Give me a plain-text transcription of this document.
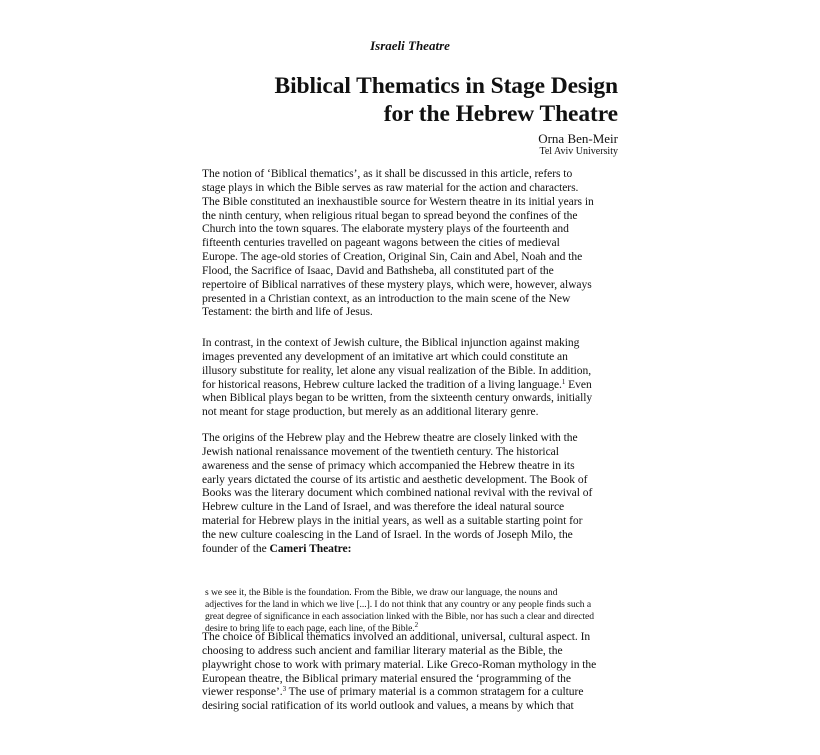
Israeli Theatre
Biblical Thematics in Stage Design
for the Hebrew Theatre
Orna Ben-Meir
Tel Aviv University
The notion of ‘Biblical thematics’, as it shall be discussed in this article, refers to
stage plays in which the Bible serves as raw material for the action and characters.
The Bible constituted an inexhaustible source for Western theatre in its initial years in
the ninth century, when religious ritual began to spread beyond the confines of the
Church into the town squares. The elaborate mystery plays of the fourteenth and
fifteenth centuries travelled on pageant wagons between the cities of medieval
Europe. The age-old stories of Creation, Original Sin, Cain and Abel, Noah and the
Flood, the Sacrifice of Isaac, David and Bathsheba, all constituted part of the
repertoire of Biblical narratives of these mystery plays, which were, however, always
presented in a Christian context, as an introduction to the main scene of the New
Testament: the birth and life of Jesus.
In contrast, in the context of Jewish culture, the Biblical injunction against making
images prevented any development of an imitative art which could constitute an
illusory substitute for reality, let alone any visual realization of the Bible. In addition,
for historical reasons, Hebrew culture lacked the tradition of a living language.$^1$ Even
when Biblical plays began to be written, from the sixteenth century onwards, initially
not meant for stage production, but merely as an additional literary genre.
The origins of the Hebrew play and the Hebrew theatre are closely linked with the
Jewish national renaissance movement of the twentieth century. The historical
awareness and the sense of primacy which accompanied the Hebrew theatre in its
early years dictated the course of its artistic and aesthetic development. The Book of
Books was the literary document which combined national revival with the revival of
Hebrew culture in the Land of Israel, and was therefore the ideal natural source
material for Hebrew plays in the initial years, as well as a suitable starting point for
the new culture coalescing in the Land of Israel. In the words of Joseph Milo, the
founder of the Cameri Theatre:
s we see it, the Bible is the foundation. From the Bible, we draw our language, the nouns and
adjectives for the land in which we live [...]. I do not think that any country or any people finds such a
great degree of significance in each association linked with the Bible, nor has such a clear and directed
desire to bring life to each page, each line, of the Bible.$^2$
The choice of Biblical thematics involved an additional, universal, cultural aspect. In
choosing to address such ancient and familiar literary material as the Bible, the
playwright chose to work with primary material. Like Greco-Roman mythology in the
European theatre, the Biblical primary material ensured the ‘programming of the
viewer response’.$^3$ The use of primary material is a common stratagem for a culture
desiring social ratification of its world outlook and values, a means by which that
